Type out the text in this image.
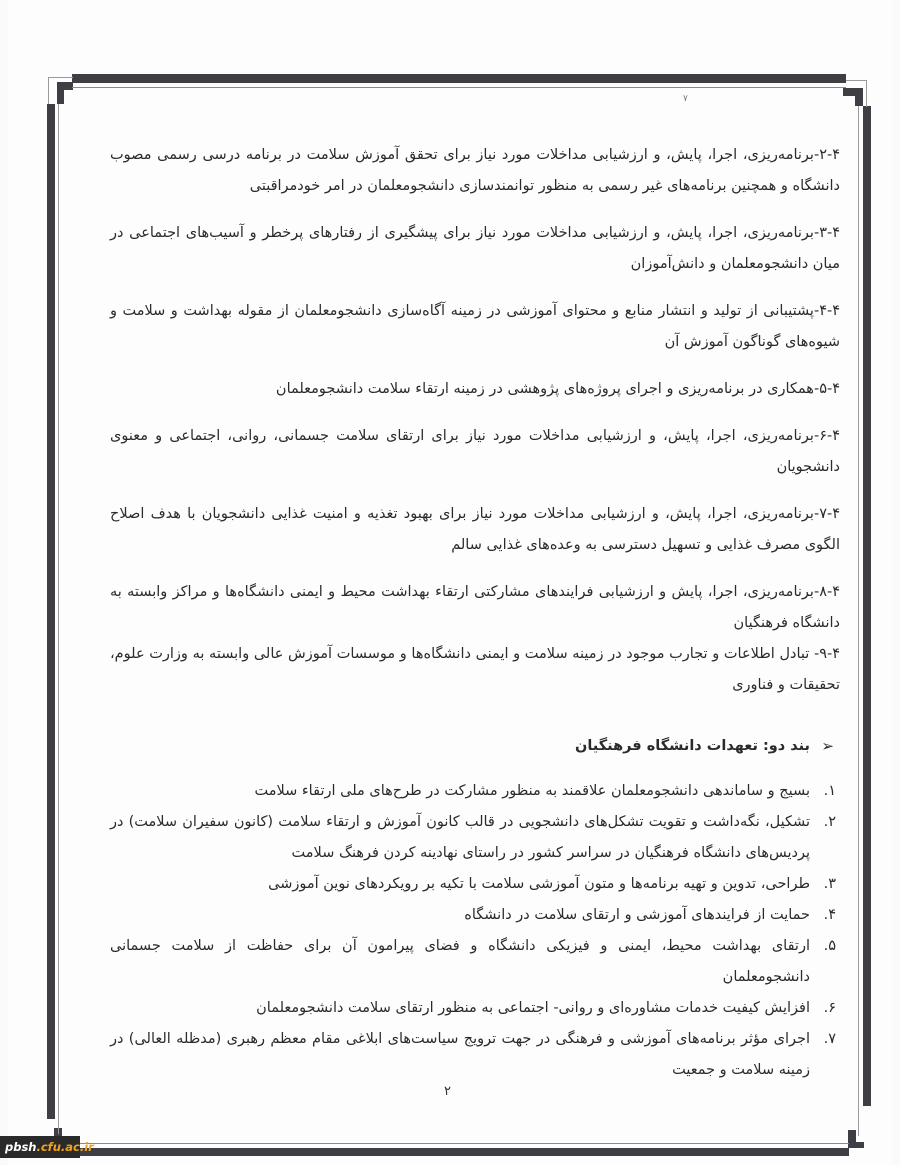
٧

۲-۴-برنامه‌ریزی، اجرا، پایش، و ارزشیابی مداخلات مورد نیاز برای تحقق آموزش سلامت در برنامه درسی رسمی مصوب دانشگاه و همچنین برنامه‌های غیر رسمی به منظور توانمندسازی دانشجومعلمان در امر خودمراقبتی

۳-۴-برنامه‌ریزی، اجرا، پایش، و ارزشیابی مداخلات مورد نیاز برای پیشگیری از رفتارهای پرخطر و آسیب‌های اجتماعی در میان دانشجومعلمان و دانش‌آموزان

۴-۴-پشتیبانی از تولید و انتشار منابع و محتوای آموزشی در زمینه آگاه‌سازی دانشجومعلمان از مقوله بهداشت و سلامت و شیوه‌های گوناگون آموزش آن

۵-۴-همکاری در برنامه‌ریزی و اجرای پروژه‌های پژوهشی در زمینه ارتقاء سلامت دانشجومعلمان

۶-۴-برنامه‌ریزی، اجرا، پایش، و ارزشیابی مداخلات مورد نیاز برای ارتقای سلامت جسمانی، روانی، اجتماعی و معنوی دانشجویان

۷-۴-برنامه‌ریزی، اجرا، پایش، و ارزشیابی مداخلات مورد نیاز برای بهبود تغذیه و امنیت غذایی دانشجویان با هدف اصلاح الگوی مصرف غذایی و تسهیل دسترسی به وعده‌های غذایی سالم

۸-۴-برنامه‌ریزی، اجرا، پایش و ارزشیابی فرایندهای مشارکتی ارتقاء بهداشت محیط و ایمنی دانشگاه‌ها و مراکز وابسته به دانشگاه فرهنگیان

۹-۴- تبادل اطلاعات و تجارب موجود در زمینه سلامت و ایمنی دانشگاه‌ها و موسسات آموزش عالی وابسته به وزارت علوم، تحقیقات و فناوری

➢
بند دو: تعهدات دانشگاه فرهنگیان
۱.
بسیج و ساماندهی دانشجومعلمان علاقمند به منظور مشارکت در طرح‌های ملی ارتقاء سلامت
۲.
تشکیل، نگه‌داشت و تقویت تشکل‌های دانشجویی در قالب کانون آموزش و ارتقاء سلامت (کانون سفیران سلامت) در پردیس‌های دانشگاه فرهنگیان در سراسر کشور در راستای نهادینه کردن فرهنگ سلامت
۳.
طراحی، تدوین و تهیه برنامه‌ها و متون آموزشی سلامت با تکیه بر رویکردهای نوین آموزشی
۴.
حمایت از فرایندهای آموزشی و ارتقای سلامت در دانشگاه
۵.
ارتقای بهداشت محیط، ایمنی و فیزیکی دانشگاه و فضای پیرامون آن برای حفاظت از سلامت جسمانی دانشجومعلمان
۶.
افزایش کیفیت خدمات مشاوره‌ای و روانی- اجتماعی به منظور ارتقای سلامت دانشجومعلمان
۷.
اجرای مؤثر برنامه‌های آموزشی و فرهنگی در جهت ترویج سیاست‌های ابلاغی مقام معظم رهبری (مدظله العالی) در زمینه سلامت و جمعیت
۲
pbsh.cfu.ac.ir
